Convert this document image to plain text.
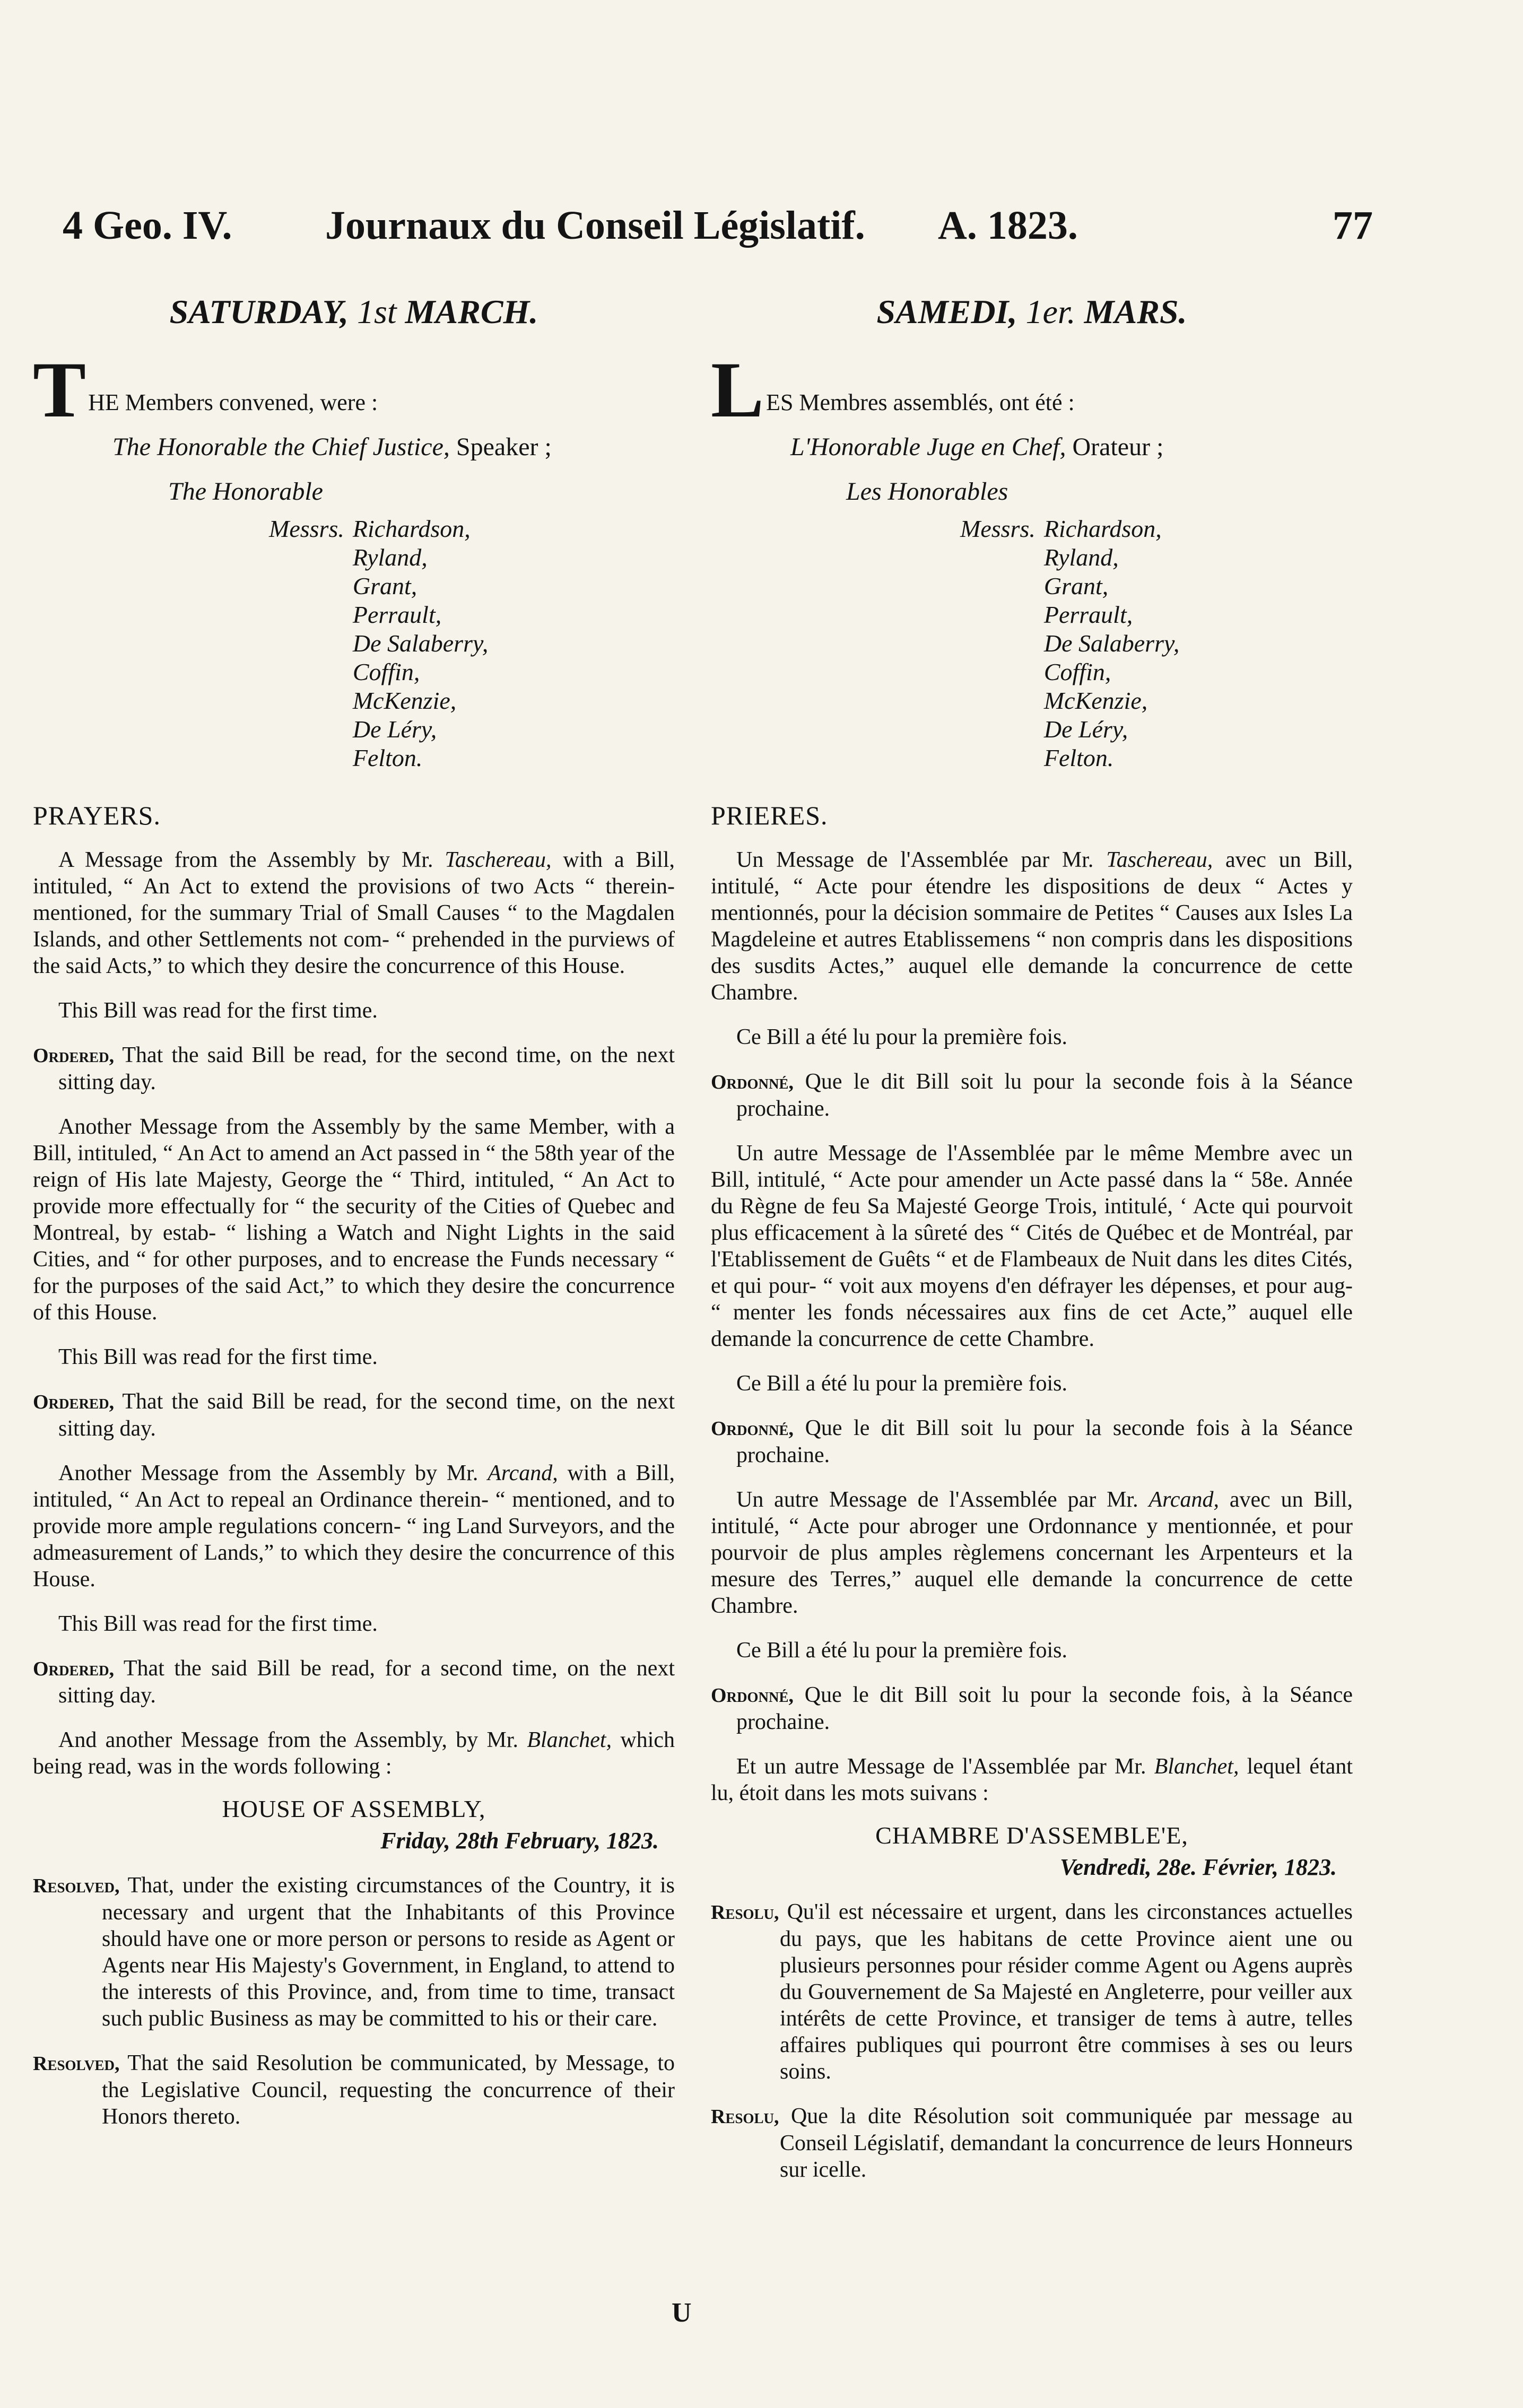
4 Geo. IV. Journaux du Conseil Législatif. A. 1823.	77
SATURDAY, 1st MARCH.
T HE Members convened, were :
The Honorable the Chief Justice, Speaker ;
The Honorable
Messrs. Richardson,
Ryland,
Grant,
Perrault,
De Salaberry,
Coffin,
McKenzie,
De Léry,
Felton.
PRAYERS.
A Message from the Assembly by Mr. Taschereau, with a Bill, intituled, “ An Act to extend the provisions of two Acts “ therein-mentioned, for the summary Trial of Small Causes “ to the Magdalen Islands, and other Settlements not com- “ prehended in the purviews of the said Acts,” to which they desire the concurrence of this House.
This Bill was read for the first time.
Ordered, That the said Bill be read, for the second time, on the next sitting day.
Another Message from the Assembly by the same Member, with a Bill, intituled, “ An Act to amend an Act passed in “ the 58th year of the reign of His late Majesty, George the “ Third, intituled, “ An Act to provide more effectually for “ the security of the Cities of Quebec and Montreal, by estab- “ lishing a Watch and Night Lights in the said Cities, and “ for other purposes, and to encrease the Funds necessary “ for the purposes of the said Act,” to which they desire the concurrence of this House.
This Bill was read for the first time.
Ordered, That the said Bill be read, for the second time, on the next sitting day.
Another Message from the Assembly by Mr. Arcand, with a Bill, intituled, “ An Act to repeal an Ordinance therein- “ mentioned, and to provide more ample regulations concern- “ ing Land Surveyors, and the admeasurement of Lands,” to which they desire the concurrence of this House.
This Bill was read for the first time.
Ordered, That the said Bill be read, for a second time, on the next sitting day.
And another Message from the Assembly, by Mr. Blanchet, which being read, was in the words following :
HOUSE OF ASSEMBLY,
Friday, 28th February, 1823.
Resolved, That, under the existing circumstances of the Country, it is necessary and urgent that the Inhabitants of this Province should have one or more person or persons to reside as Agent or Agents near His Majesty's Government, in England, to attend to the interests of this Province, and, from time to time, transact such public Business as may be committed to his or their care.
Resolved, That the said Resolution be communicated, by Message, to the Legislative Council, requesting the concurrence of their Honors thereto.
SAMEDI, 1er. MARS.
L ES Membres assemblés, ont été :
L'Honorable Juge en Chef, Orateur ;
Les Honorables
Messrs. Richardson,
Ryland,
Grant,
Perrault,
De Salaberry,
Coffin,
McKenzie,
De Léry,
Felton.
PRIERES.
Un Message de l'Assemblée par Mr. Taschereau, avec un Bill, intitulé, “ Acte pour étendre les dispositions de deux “ Actes y mentionnés, pour la décision sommaire de Petites “ Causes aux Isles La Magdeleine et autres Etablissemens “ non compris dans les dispositions des susdits Actes,” auquel elle demande la concurrence de cette Chambre.
Ce Bill a été lu pour la première fois.
Ordonné, Que le dit Bill soit lu pour la seconde fois à la Séance prochaine.
Un autre Message de l'Assemblée par le même Membre avec un Bill, intitulé, “ Acte pour amender un Acte passé dans la “ 58e. Année du Règne de feu Sa Majesté George Trois, intitulé, ‘ Acte qui pourvoit plus efficacement à la sûreté des “ Cités de Québec et de Montréal, par l'Etablissement de Guêts “ et de Flambeaux de Nuit dans les dites Cités, et qui pour- “ voit aux moyens d'en défrayer les dépenses, et pour aug- “ menter les fonds nécessaires aux fins de cet Acte,” auquel elle demande la concurrence de cette Chambre.
Ce Bill a été lu pour la première fois.
Ordonné, Que le dit Bill soit lu pour la seconde fois à la Séance prochaine.
Un autre Message de l'Assemblée par Mr. Arcand, avec un Bill, intitulé, “ Acte pour abroger une Ordonnance y mentionnée, et pour pourvoir de plus amples règlemens concernant les Arpenteurs et la mesure des Terres,” auquel elle demande la concurrence de cette Chambre.
Ce Bill a été lu pour la première fois.
Ordonné, Que le dit Bill soit lu pour la seconde fois, à la Séance prochaine.
Et un autre Message de l'Assemblée par Mr. Blanchet, lequel étant lu, étoit dans les mots suivans :
CHAMBRE D'ASSEMBLE'E,
Vendredi, 28e. Février, 1823.
Resolu, Qu'il est nécessaire et urgent, dans les circonstances actuelles du pays, que les habitans de cette Province aient une ou plusieurs personnes pour résider comme Agent ou Agens auprès du Gouvernement de Sa Majesté en Angleterre, pour veiller aux intérêts de cette Province, et transiger de tems à autre, telles affaires publiques qui pourront être commises à ses ou leurs soins.
Resolu, Que la dite Résolution soit communiquée par message au Conseil Législatif, demandant la concurrence de leurs Honneurs sur icelle.
U
